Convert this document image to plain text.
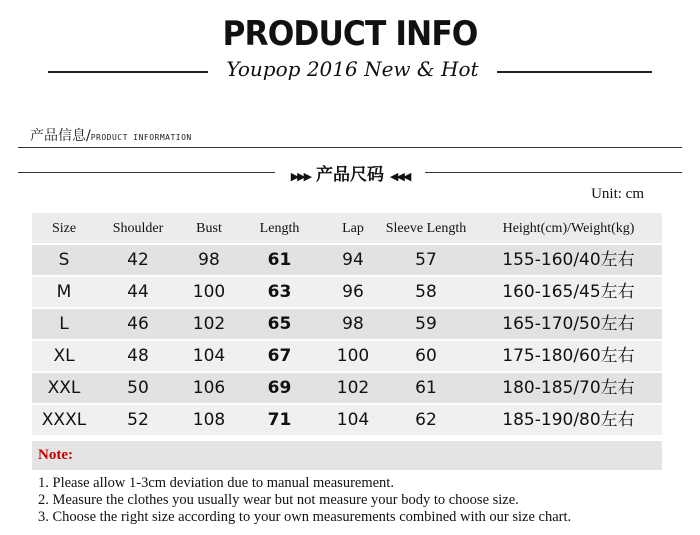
PRODUCT INFO
Youpop 2016 New & Hot
产品信息/PRODUCT INFORMATION
▶▶▶ 产品尺码 ◀◀◀
Unit: cm
Size	Shoulder	Bust	Length	Lap	Sleeve Length	Height(cm)/Weight(kg)
S	42	98	61	94	57	155-160/40左右
M	44	100	63	96	58	160-165/45左右
L	46	102	65	98	59	165-170/50左右
XL	48	104	67	100	60	175-180/60左右
XXL	50	106	69	102	61	180-185/70左右
XXXL	52	108	71	104	62	185-190/80左右
Note:
1. Please allow 1-3cm deviation due to manual measurement.
2. Measure the clothes you usually wear but not measure your body to choose size.
3. Choose the right size according to your own measurements combined with our size chart.
